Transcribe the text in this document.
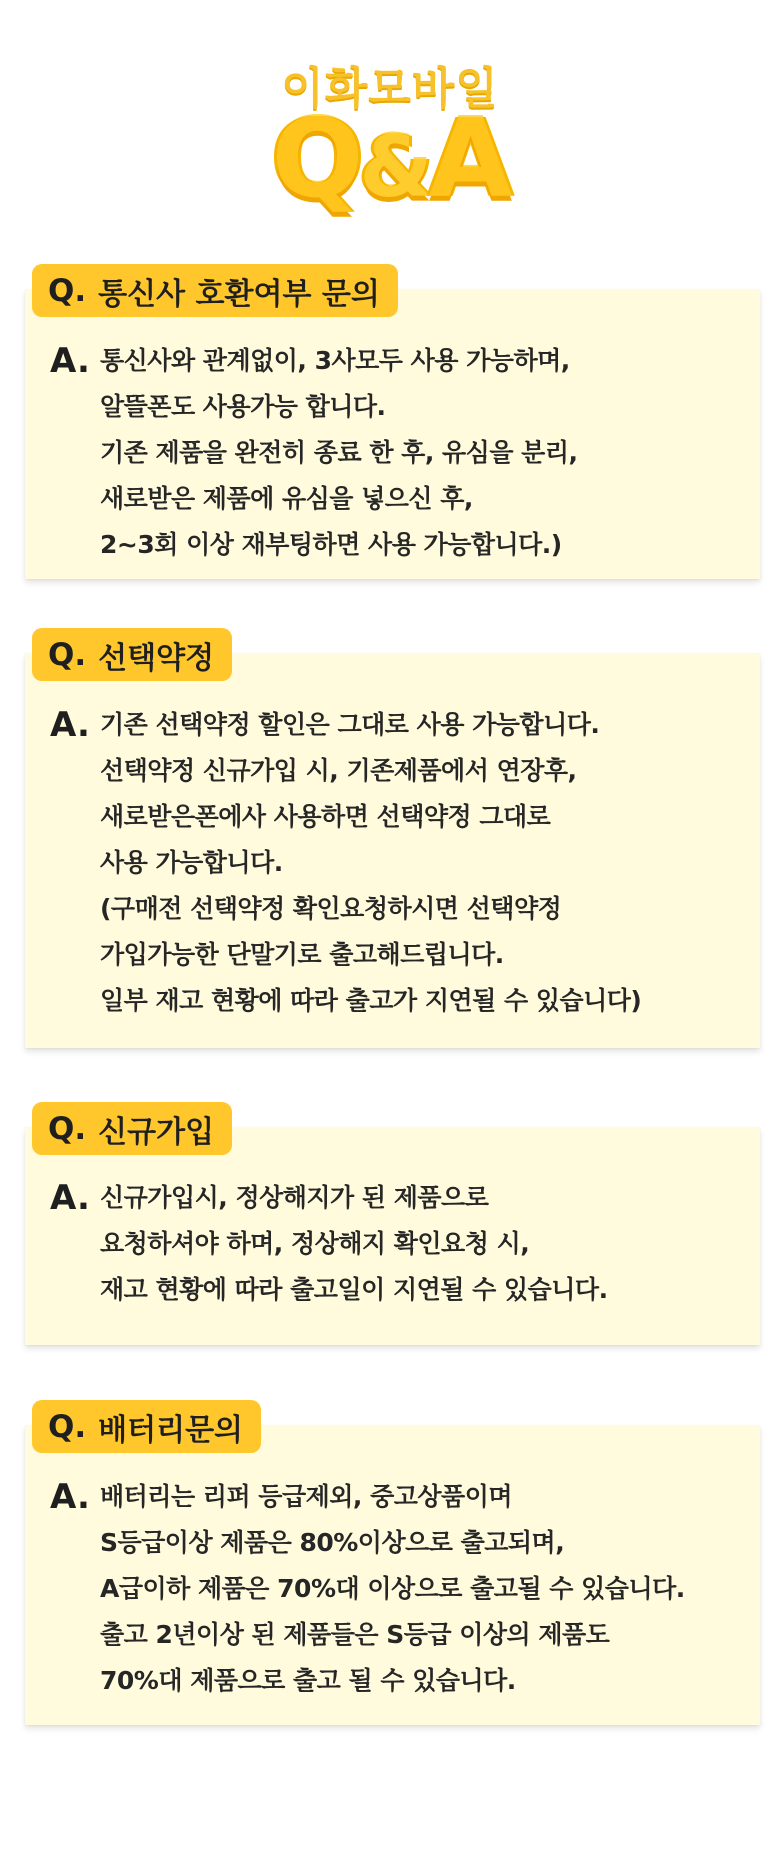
이화모바일
Q&A
Q. 통신사 호환여부 문의
A. 통신사와 관계없이, 3사모두 사용 가능하며,
알뜰폰도 사용가능 합니다.
기존 제품을 완전히 종료 한 후, 유심을 분리,
새로받은 제품에 유심을 넣으신 후,
2~3회 이상 재부팅하면 사용 가능합니다.)
Q. 선택약정
A. 기존 선택약정 할인은 그대로 사용 가능합니다.
선택약정 신규가입 시, 기존제품에서 연장후,
새로받은폰에사 사용하면 선택약정 그대로
사용 가능합니다.
(구매전 선택약정 확인요청하시면 선택약정
가입가능한 단말기로 출고해드립니다.
일부 재고 현황에 따라 출고가 지연될 수 있습니다)
Q. 신규가입
A. 신규가입시, 정상해지가 된 제품으로
요청하셔야 하며, 정상해지 확인요청 시,
재고 현황에 따라 출고일이 지연될 수 있습니다.
Q. 배터리문의
A. 배터리는 리퍼 등급제외, 중고상품이며
S등급이상 제품은 80%이상으로 출고되며,
A급이하 제품은 70%대 이상으로 출고될 수 있습니다.
출고 2년이상 된 제품들은 S등급 이상의 제품도
70%대 제품으로 출고 될 수 있습니다.
